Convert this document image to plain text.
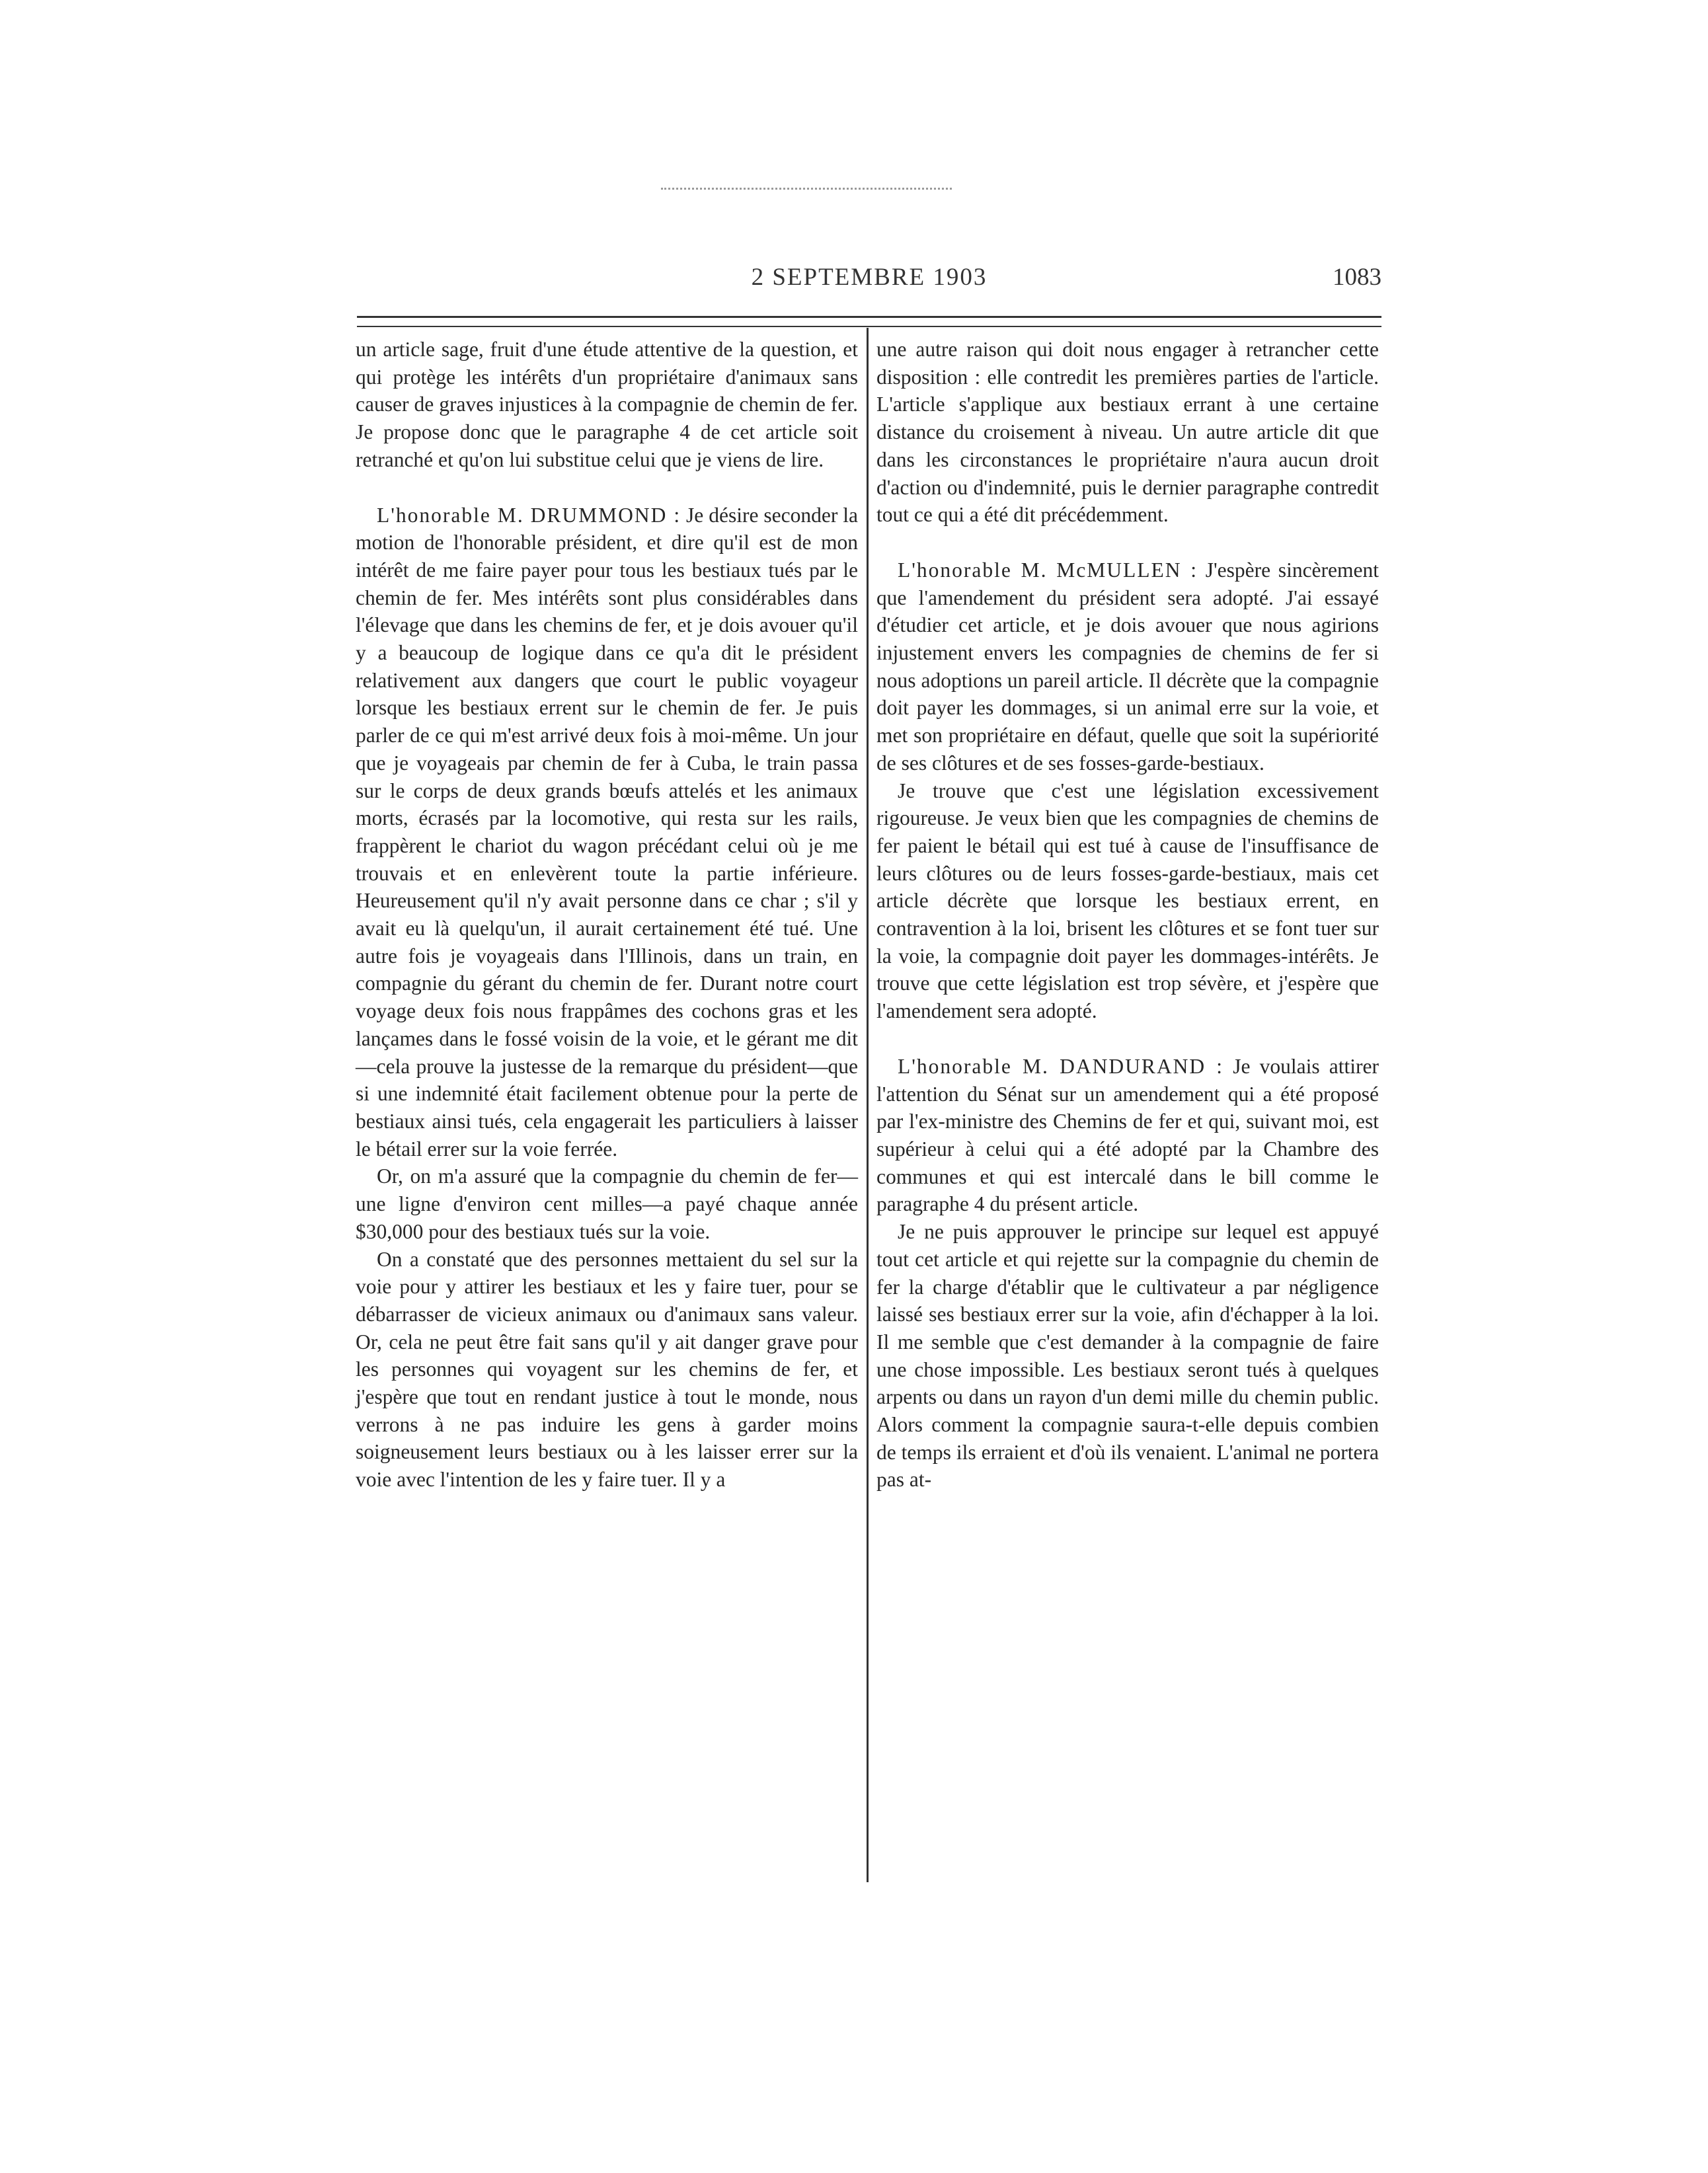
2 SEPTEMBRE 1903	1083

un article sage, fruit d'une étude attentive de la question, et qui protège les intérêts d'un propriétaire d'animaux sans causer de graves injustices à la compagnie de chemin de fer. Je propose donc que le paragraphe 4 de cet article soit retranché et qu'on lui substitue celui que je viens de lire.

L'honorable M. DRUMMOND : Je désire seconder la motion de l'honorable président, et dire qu'il est de mon intérêt de me faire payer pour tous les bestiaux tués par le chemin de fer. Mes intérêts sont plus considérables dans l'élevage que dans les chemins de fer, et je dois avouer qu'il y a beaucoup de logique dans ce qu'a dit le président relativement aux dangers que court le public voyageur lorsque les bestiaux errent sur le chemin de fer. Je puis parler de ce qui m'est arrivé deux fois à moi-même. Un jour que je voyageais par chemin de fer à Cuba, le train passa sur le corps de deux grands bœufs attelés et les animaux morts, écrasés par la locomotive, qui resta sur les rails, frappèrent le chariot du wagon précédant celui où je me trouvais et en enlevèrent toute la partie inférieure. Heureusement qu'il n'y avait personne dans ce char ; s'il y avait eu là quelqu'un, il aurait certainement été tué. Une autre fois je voyageais dans l'Illinois, dans un train, en compagnie du gérant du chemin de fer. Durant notre court voyage deux fois nous frappâmes des cochons gras et les lançames dans le fossé voisin de la voie, et le gérant me dit—cela prouve la justesse de la remarque du président—que si une indemnité était facilement obtenue pour la perte de bestiaux ainsi tués, cela engagerait les particuliers à laisser le bétail errer sur la voie ferrée.

Or, on m'a assuré que la compagnie du chemin de fer—une ligne d'environ cent milles—a payé chaque année $30,000 pour des bestiaux tués sur la voie.

On a constaté que des personnes mettaient du sel sur la voie pour y attirer les bestiaux et les y faire tuer, pour se débarrasser de vicieux animaux ou d'animaux sans valeur. Or, cela ne peut être fait sans qu'il y ait danger grave pour les personnes qui voyagent sur les chemins de fer, et j'espère que tout en rendant justice à tout le monde, nous verrons à ne pas induire les gens à garder moins soigneusement leurs bestiaux ou à les laisser errer sur la voie avec l'intention de les y faire tuer. Il y a

une autre raison qui doit nous engager à retrancher cette disposition : elle contredit les premières parties de l'article. L'article s'applique aux bestiaux errant à une certaine distance du croisement à niveau. Un autre article dit que dans les circonstances le propriétaire n'aura aucun droit d'action ou d'indemnité, puis le dernier paragraphe contredit tout ce qui a été dit précédemment.

L'honorable M. McMULLEN : J'espère sincèrement que l'amendement du président sera adopté. J'ai essayé d'étudier cet article, et je dois avouer que nous agirions injustement envers les compagnies de chemins de fer si nous adoptions un pareil article. Il décrète que la compagnie doit payer les dommages, si un animal erre sur la voie, et met son propriétaire en défaut, quelle que soit la supériorité de ses clôtures et de ses fosses-garde-bestiaux.

Je trouve que c'est une législation excessivement rigoureuse. Je veux bien que les compagnies de chemins de fer paient le bétail qui est tué à cause de l'insuffisance de leurs clôtures ou de leurs fosses-garde-bestiaux, mais cet article décrète que lorsque les bestiaux errent, en contravention à la loi, brisent les clôtures et se font tuer sur la voie, la compagnie doit payer les dommages-intérêts. Je trouve que cette législation est trop sévère, et j'espère que l'amendement sera adopté.

L'honorable M. DANDURAND : Je voulais attirer l'attention du Sénat sur un amendement qui a été proposé par l'ex-ministre des Chemins de fer et qui, suivant moi, est supérieur à celui qui a été adopté par la Chambre des communes et qui est intercalé dans le bill comme le paragraphe 4 du présent article.

Je ne puis approuver le principe sur lequel est appuyé tout cet article et qui rejette sur la compagnie du chemin de fer la charge d'établir que le cultivateur a par négligence laissé ses bestiaux errer sur la voie, afin d'échapper à la loi. Il me semble que c'est demander à la compagnie de faire une chose impossible. Les bestiaux seront tués à quelques arpents ou dans un rayon d'un demi mille du chemin public. Alors comment la compagnie saura-t-elle depuis combien de temps ils erraient et d'où ils venaient. L'animal ne portera pas at-
